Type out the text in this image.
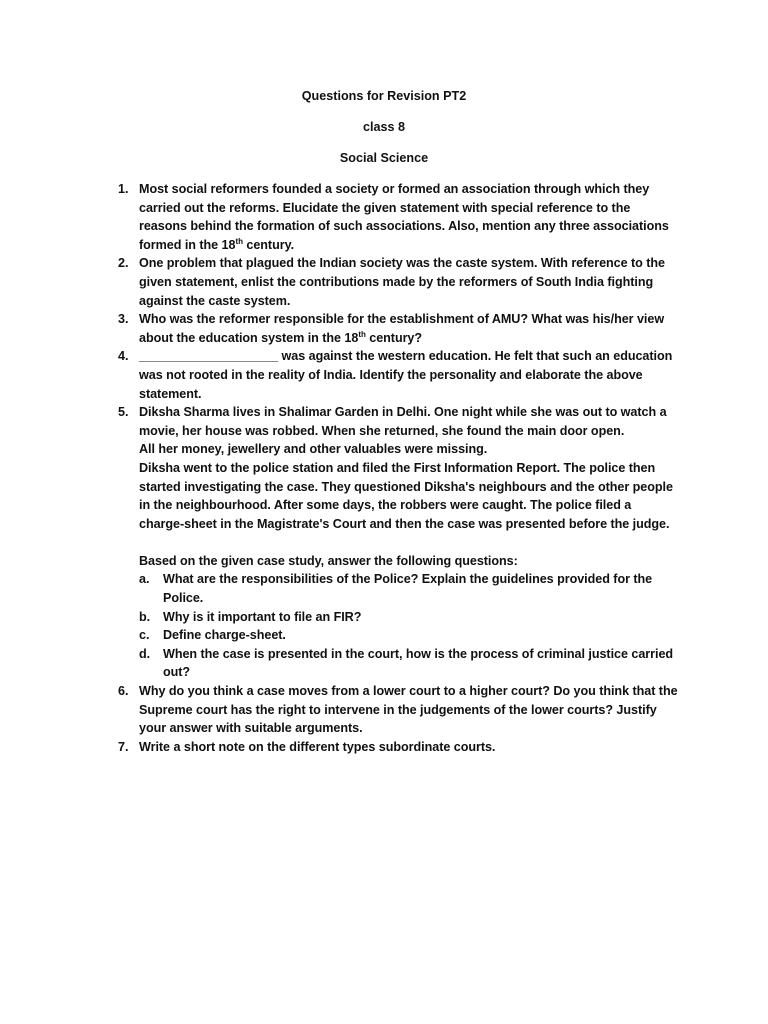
Questions for Revision PT2
class 8
Social Science
1. Most social reformers founded a society or formed an association through which they carried out the reforms. Elucidate the given statement with special reference to the reasons behind the formation of such associations. Also, mention any three associations formed in the 18th century.

2. One problem that plagued the Indian society was the caste system. With reference to the given statement, enlist the contributions made by the reformers of South India fighting against the caste system.

3. Who was the reformer responsible for the establishment of AMU? What was his/her view about the education system in the 18th century?

4. ____________________ was against the western education. He felt that such an education was not rooted in the reality of India. Identify the personality and elaborate the above statement.

5. Diksha Sharma lives in Shalimar Garden in Delhi. One night while she was out to watch a movie, her house was robbed. When she returned, she found the main door open.

All her money, jewellery and other valuables were missing.

Diksha went to the police station and filed the First Information Report. The police then started investigating the case. They questioned Diksha's neighbours and the other people in the neighbourhood. After some days, the robbers were caught. The police filed a charge-sheet in the Magistrate's Court and then the case was presented before the judge.

Based on the given case study, answer the following questions:

a.	What are the responsibilities of the Police? Explain the guidelines provided for the Police.

b.	Why is it important to file an FIR?

c.	Define charge-sheet.

d.	When the case is presented in the court, how is the process of criminal justice carried out?

6. Why do you think a case moves from a lower court to a higher court? Do you think that the Supreme court has the right to intervene in the judgements of the lower courts? Justify your answer with suitable arguments.

7. Write a short note on the different types subordinate courts.
